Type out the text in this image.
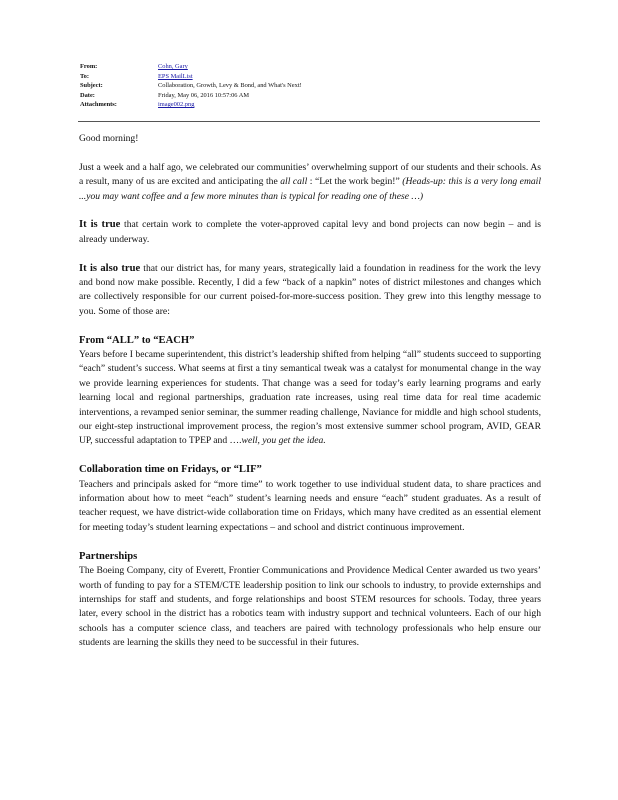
From:	Cohn, Gary
To:	EPS MailList
Subject:	Collaboration, Growth, Levy & Bond, and What's Next!
Date:	Friday, May 06, 2016 10:57:06 AM
Attachments:	image002.png

Good morning!

Just a week and a half ago, we celebrated our communities’ overwhelming support of our students and their schools. As a result, many of us are excited and anticipating the all call : “Let the work begin!” (Heads-up: this is a very long email ...you may want coffee and a few more minutes than is typical for reading one of these …)

It is true that certain work to complete the voter-approved capital levy and bond projects can now begin – and is already underway.

It is also true that our district has, for many years, strategically laid a foundation in readiness for the work the levy and bond now make possible. Recently, I did a few “back of a napkin” notes of district milestones and changes which are collectively responsible for our current poised-for-more-success position. They grew into this lengthy message to you. Some of those are:

From “ALL” to “EACH”
Years before I became superintendent, this district’s leadership shifted from helping “all” students succeed to supporting “each” student’s success. What seems at first a tiny semantical tweak was a catalyst for monumental change in the way we provide learning experiences for students. That change was a seed for today’s early learning programs and early learning local and regional partnerships, graduation rate increases, using real time data for real time academic interventions, a revamped senior seminar, the summer reading challenge, Naviance for middle and high school students, our eight-step instructional improvement process, the region’s most extensive summer school program, AVID, GEAR UP, successful adaptation to TPEP and ….well, you get the idea.

Collaboration time on Fridays, or “LIF”
Teachers and principals asked for “more time” to work together to use individual student data, to share practices and information about how to meet “each” student’s learning needs and ensure “each” student graduates. As a result of teacher request, we have district-wide collaboration time on Fridays, which many have credited as an essential element for meeting today’s student learning expectations – and school and district continuous improvement.

Partnerships
The Boeing Company, city of Everett, Frontier Communications and Providence Medical Center awarded us two years’ worth of funding to pay for a STEM/CTE leadership position to link our schools to industry, to provide externships and internships for staff and students, and forge relationships and boost STEM resources for schools. Today, three years later, every school in the district has a robotics team with industry support and technical volunteers. Each of our high schools has a computer science class, and teachers are paired with technology professionals who help ensure our students are learning the skills they need to be successful in their futures.
